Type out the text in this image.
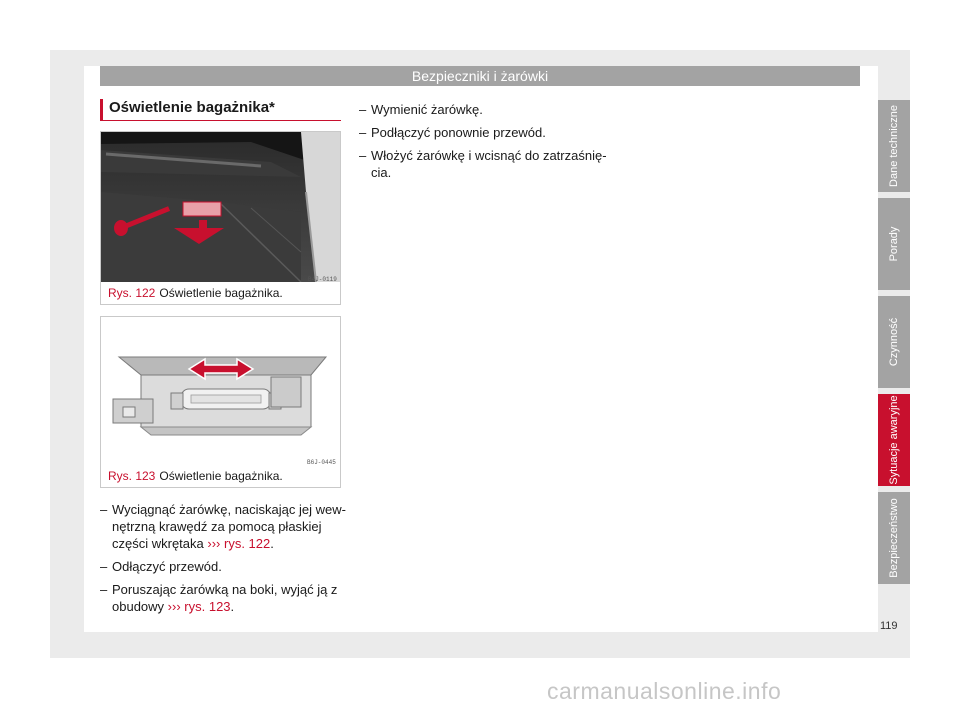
Bezpieczniki i żarówki
Oświetlenie bagażnika*
B4J-0119
Rys. 122 Oświetlenie bagażnika.
B6J-0445
Rys. 123 Oświetlenie bagażnika.
– Wyciągnąć żarówkę, naciskając jej wew-nętrzną krawędź za pomocą płaskiej części wkrętaka ››› rys. 122.
– Odłączyć przewód.
– Poruszając żarówką na boki, wyjąć ją z obudowy ››› rys. 123.
– Wymienić żarówkę.
– Podłączyć ponownie przewód.
– Włożyć żarówkę i wcisnąć do zatrzaśnię-cia.	Dane techniczne
Porady
Czynność
Sytuacje awaryjne
Bezpieczeństwo
119
carmanualsonline.info
